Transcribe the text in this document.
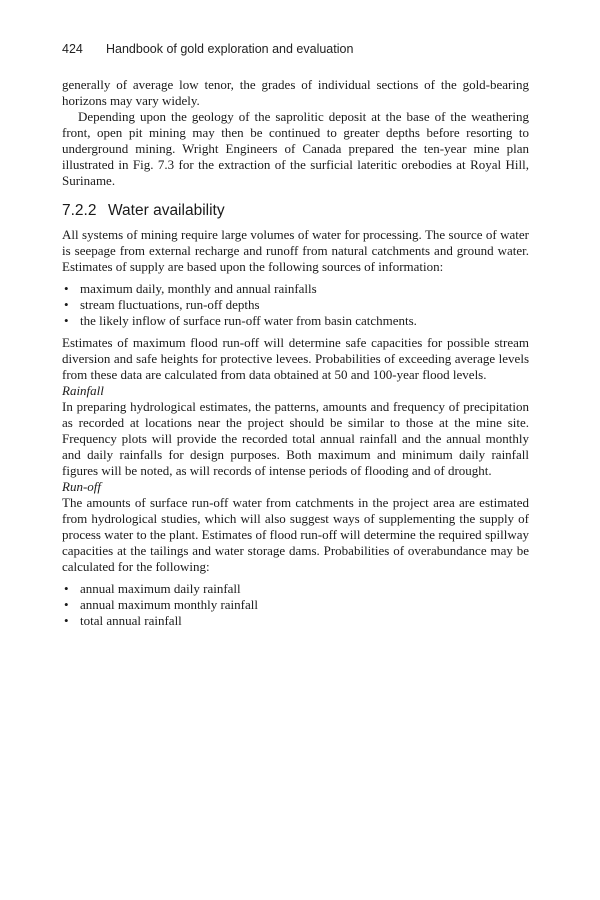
424 Handbook of gold exploration and evaluation

generally of average low tenor, the grades of individual sections of the gold-bearing horizons may vary widely.

Depending upon the geology of the saprolitic deposit at the base of the weathering front, open pit mining may then be continued to greater depths before resorting to underground mining. Wright Engineers of Canada prepared the ten-year mine plan illustrated in Fig. 7.3 for the extraction of the surficial lateritic orebodies at Royal Hill, Suriname.

7.2.2 Water availability

All systems of mining require large volumes of water for processing. The source of water is seepage from external recharge and runoff from natural catchments and ground water. Estimates of supply are based upon the following sources of information:

• maximum daily, monthly and annual rainfalls
• stream fluctuations, run-off depths
• the likely inflow of surface run-off water from basin catchments.

Estimates of maximum flood run-off will determine safe capacities for possible stream diversion and safe heights for protective levees. Probabilities of exceeding average levels from these data are calculated from data obtained at 50 and 100-year flood levels.

Rainfall

In preparing hydrological estimates, the patterns, amounts and frequency of precipitation as recorded at locations near the project should be similar to those at the mine site. Frequency plots will provide the recorded total annual rainfall and the annual monthly and daily rainfalls for design purposes. Both maximum and minimum daily rainfall figures will be noted, as will records of intense periods of flooding and of drought.

Run-off

The amounts of surface run-off water from catchments in the project area are estimated from hydrological studies, which will also suggest ways of supplementing the supply of process water to the plant. Estimates of flood run-off will determine the required spillway capacities at the tailings and water storage dams. Probabilities of overabundance may be calculated for the following:

• annual maximum daily rainfall
• annual maximum monthly rainfall
• total annual rainfall
